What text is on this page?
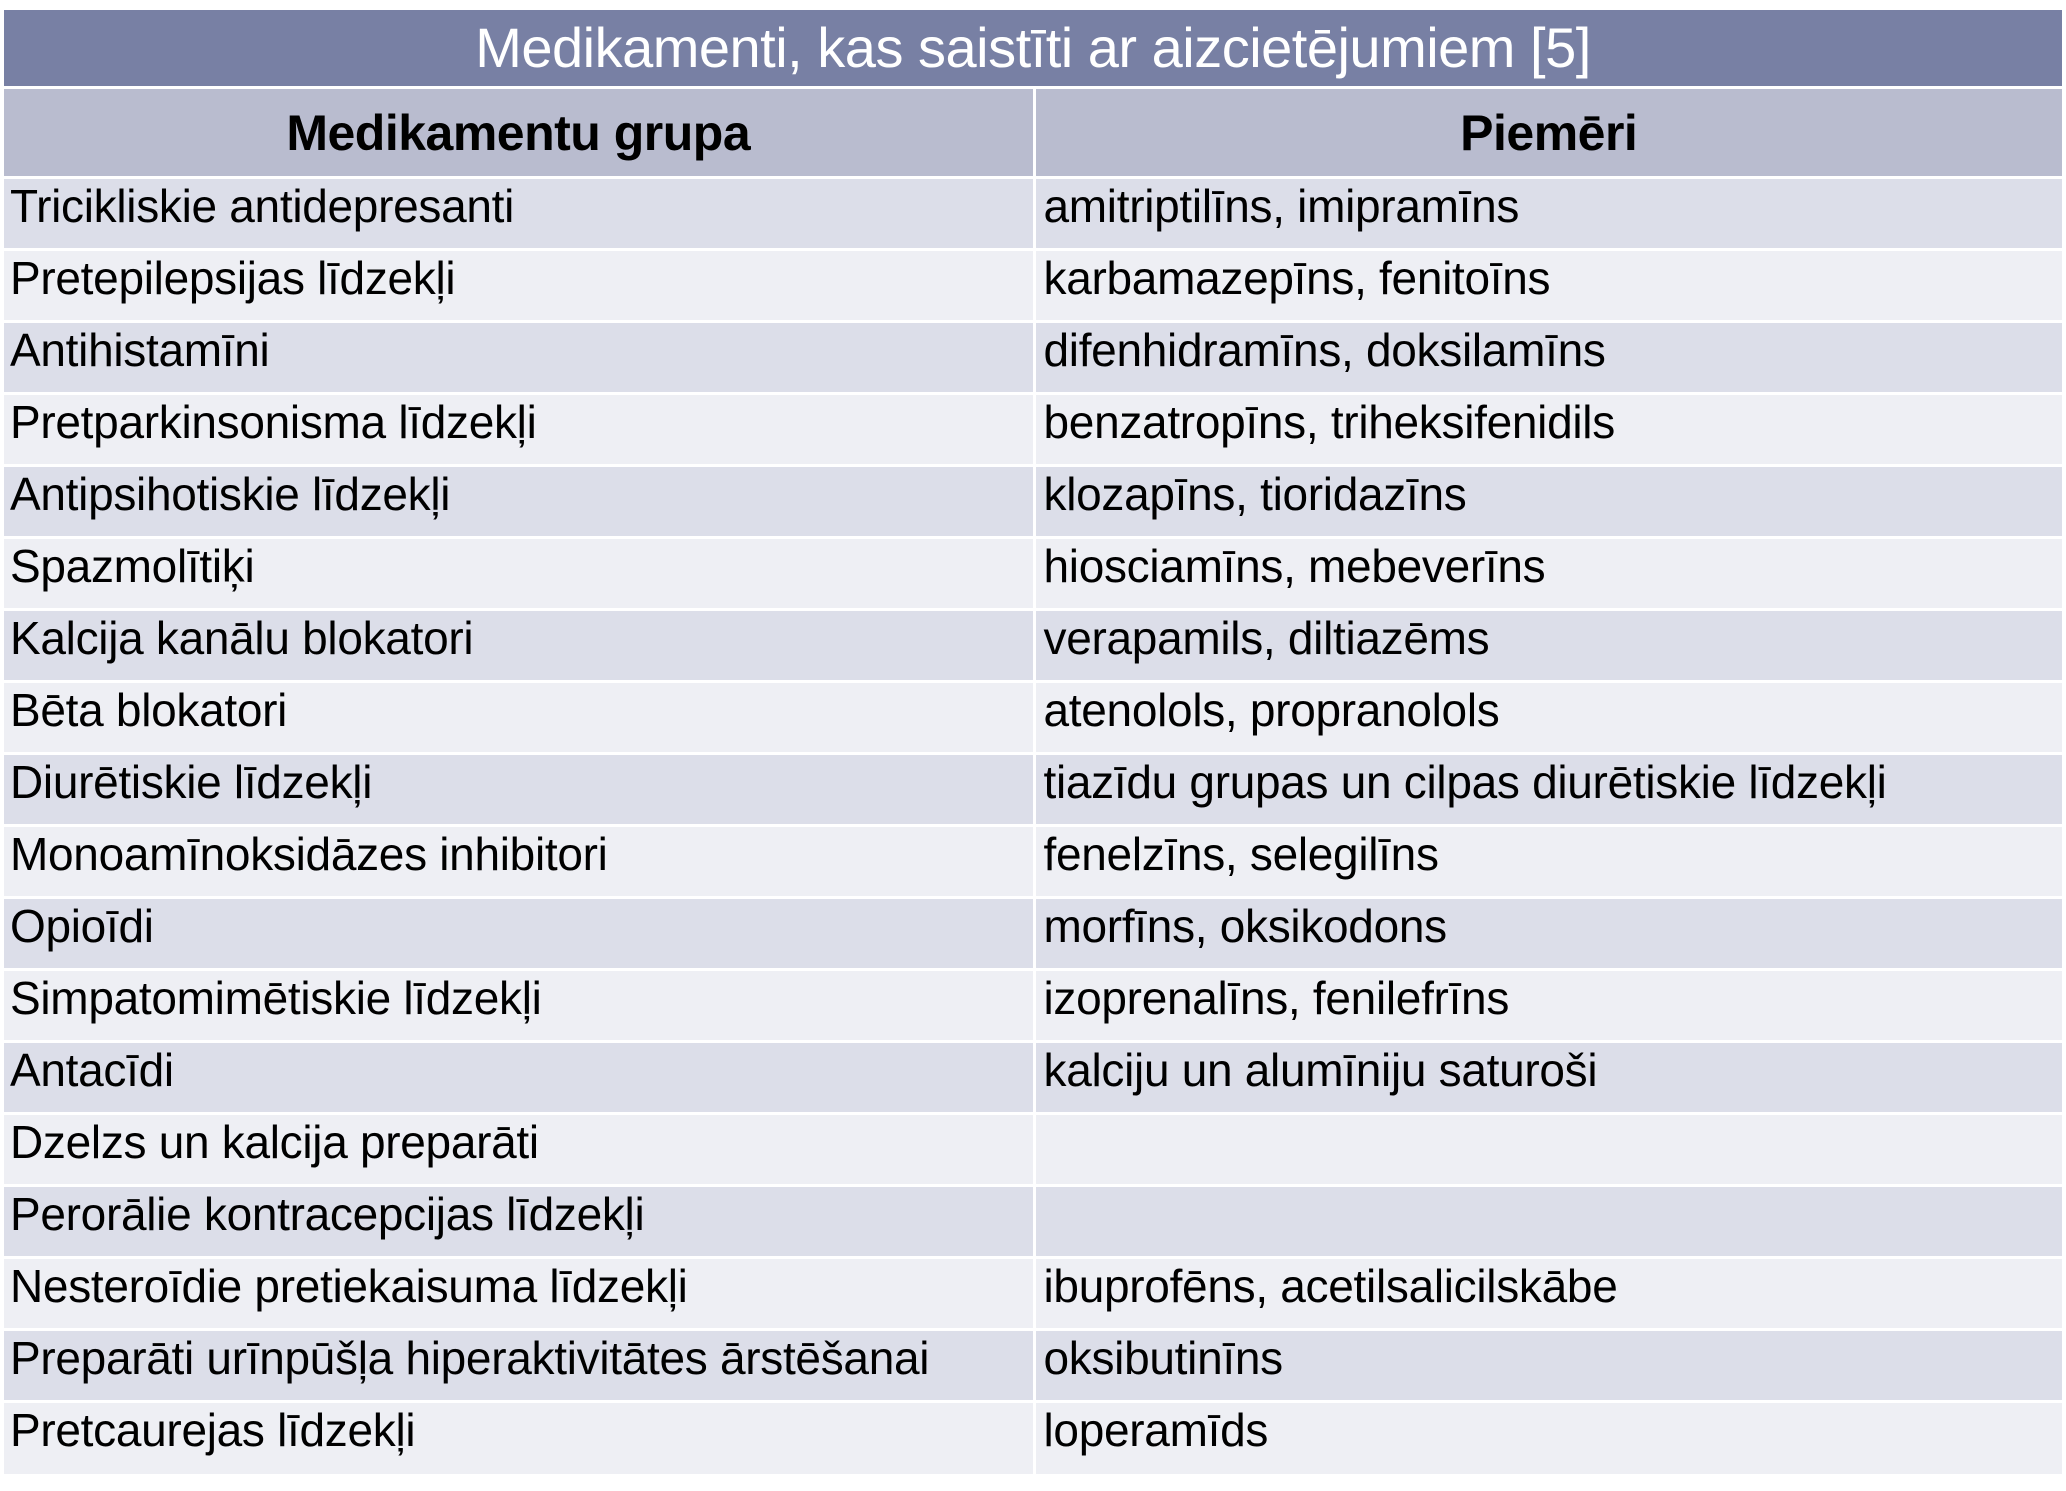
Medikamenti, kas saistīti ar aizcietējumiem [5]	
Medikamentu grupa	Piemēri
Tricikliskie antidepresanti	amitriptilīns, imipramīns
Pretepilepsijas līdzekļi	karbamazepīns, fenitoīns
Antihistamīni	difenhidramīns, doksilamīns
Pretparkinsonisma līdzekļi	benzatropīns, triheksifenidils
Antipsihotiskie līdzekļi	klozapīns, tioridazīns
Spazmolītiķi	hiosciamīns, mebeverīns
Kalcija kanālu blokatori	verapamils, diltiazēms
Bēta blokatori	atenolols, propranolols
Diurētiskie līdzekļi	tiazīdu grupas un cilpas diurētiskie līdzekļi
Monoamīnoksidāzes inhibitori	fenelzīns, selegilīns
Opioīdi	morfīns, oksikodons
Simpatomimētiskie līdzekļi	izoprenalīns, fenilefrīns
Antacīdi	kalciju un alumīniju saturoši
Dzelzs un kalcija preparāti	
Perorālie kontracepcijas līdzekļi	
Nesteroīdie pretiekaisuma līdzekļi	ibuprofēns, acetilsalicilskābe
Preparāti urīnpūšļa hiperaktivitātes ārstēšanai	oksibutinīns
Pretcaurejas līdzekļi	loperamīds
